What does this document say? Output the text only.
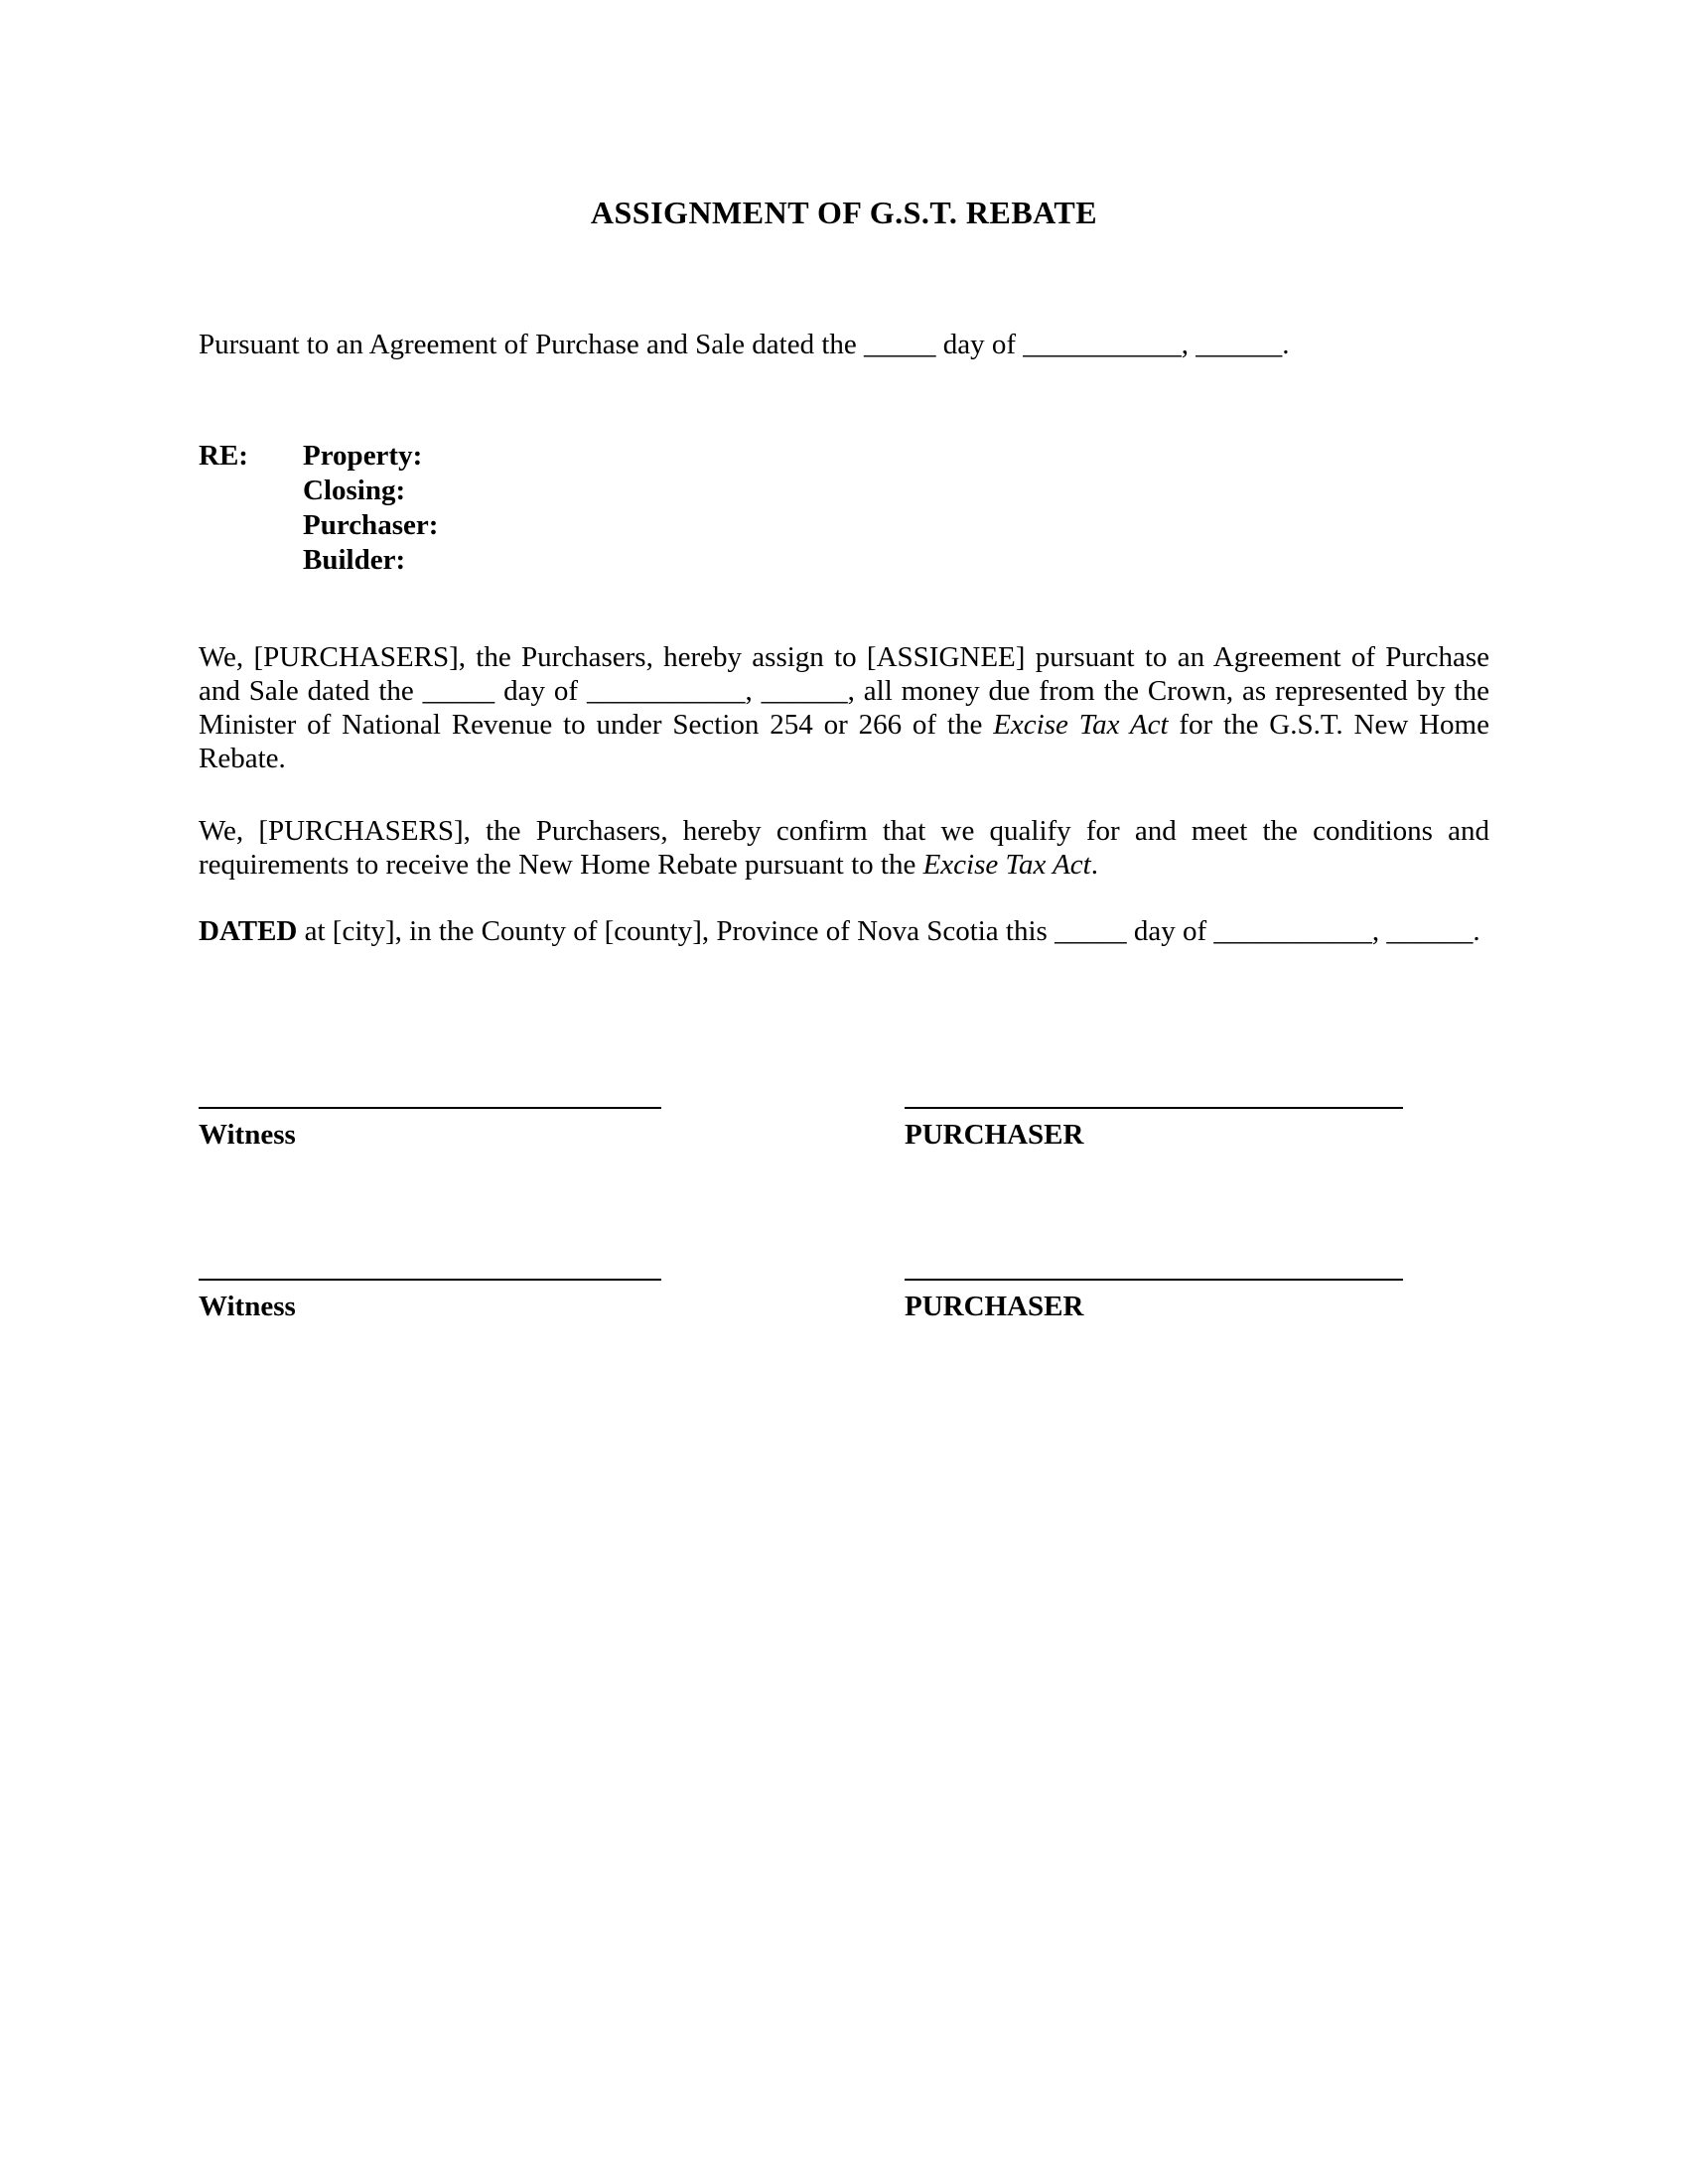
ASSIGNMENT OF G.S.T. REBATE

Pursuant to an Agreement of Purchase and Sale dated the _____ day of ___________, ______.

RE:	Property:
Closing:
Purchaser:
Builder:

We, [PURCHASERS], the Purchasers, hereby assign to [ASSIGNEE] pursuant to an Agreement of Purchase and Sale dated the _____ day of ___________, ______, all money due from the Crown, as represented by the Minister of National Revenue to under Section 254 or 266 of the Excise Tax Act for the G.S.T. New Home Rebate.

We, [PURCHASERS], the Purchasers, hereby confirm that we qualify for and meet the conditions and requirements to receive the New Home Rebate pursuant to the Excise Tax Act.

DATED at [city], in the County of [county], Province of Nova Scotia this _____ day of ___________, ______.

Witness	PURCHASER
Witness	PURCHASER
